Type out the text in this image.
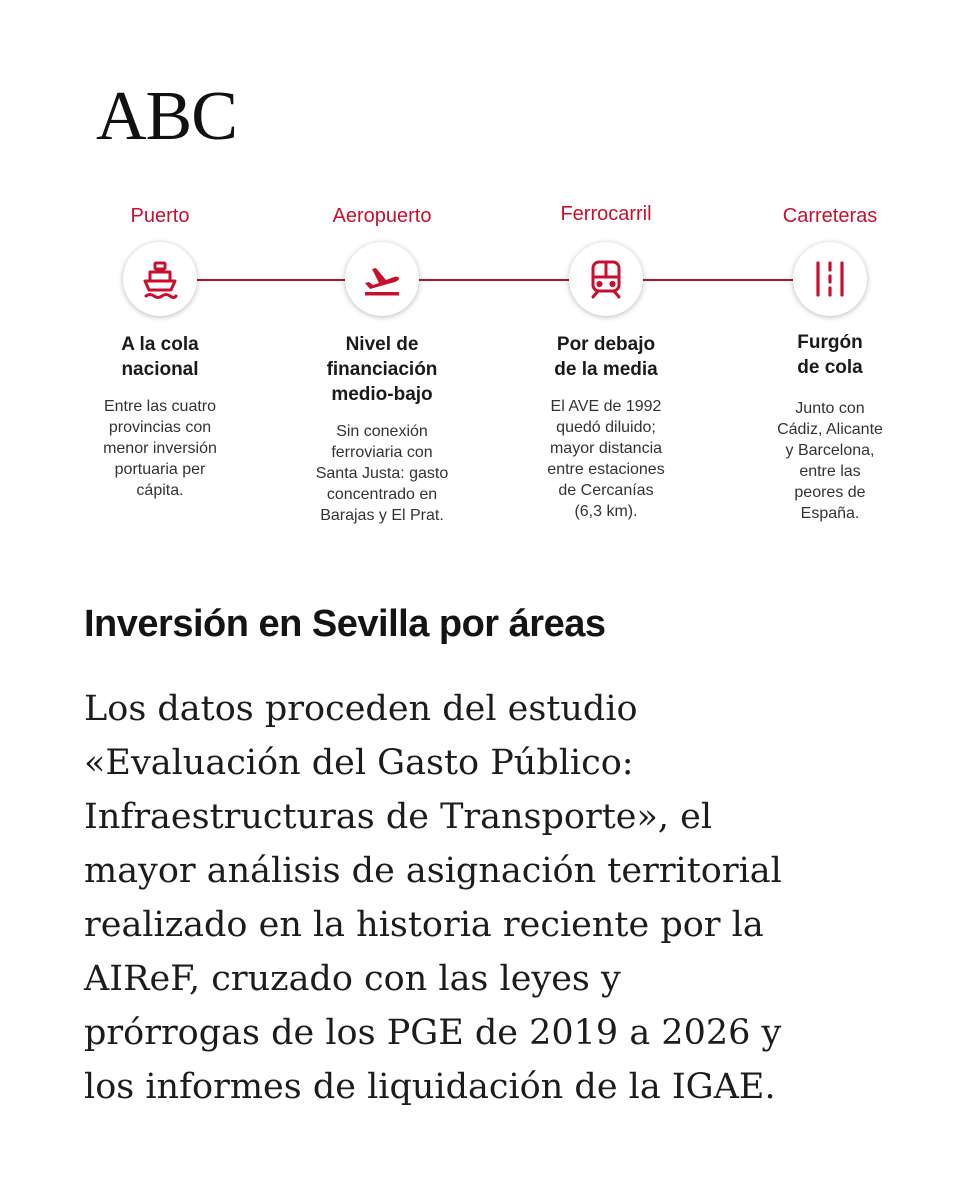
ABC
Puerto
A la cola
nacional
Entre las cuatro
provincias con
menor inversión
portuaria per
cápita.
Aeropuerto
Nivel de
financiación
medio-bajo
Sin conexión
ferroviaria con
Santa Justa: gasto
concentrado en
Barajas y El Prat.
Ferrocarril
Por debajo
de la media
El AVE de 1992
quedó diluido;
mayor distancia
entre estaciones
de Cercanías
(6,3 km).
Carreteras
Furgón
de cola
Junto con
Cádiz, Alicante
y Barcelona,
entre las
peores de
España.
Inversión en Sevilla por áreas
Los datos proceden del estudio
«Evaluación del Gasto Público:
Infraestructuras de Transporte», el
mayor análisis de asignación territorial
realizado en la historia reciente por la
AIReF, cruzado con las leyes y
prórrogas de los PGE de 2019 a 2026 y
los informes de liquidación de la IGAE.
